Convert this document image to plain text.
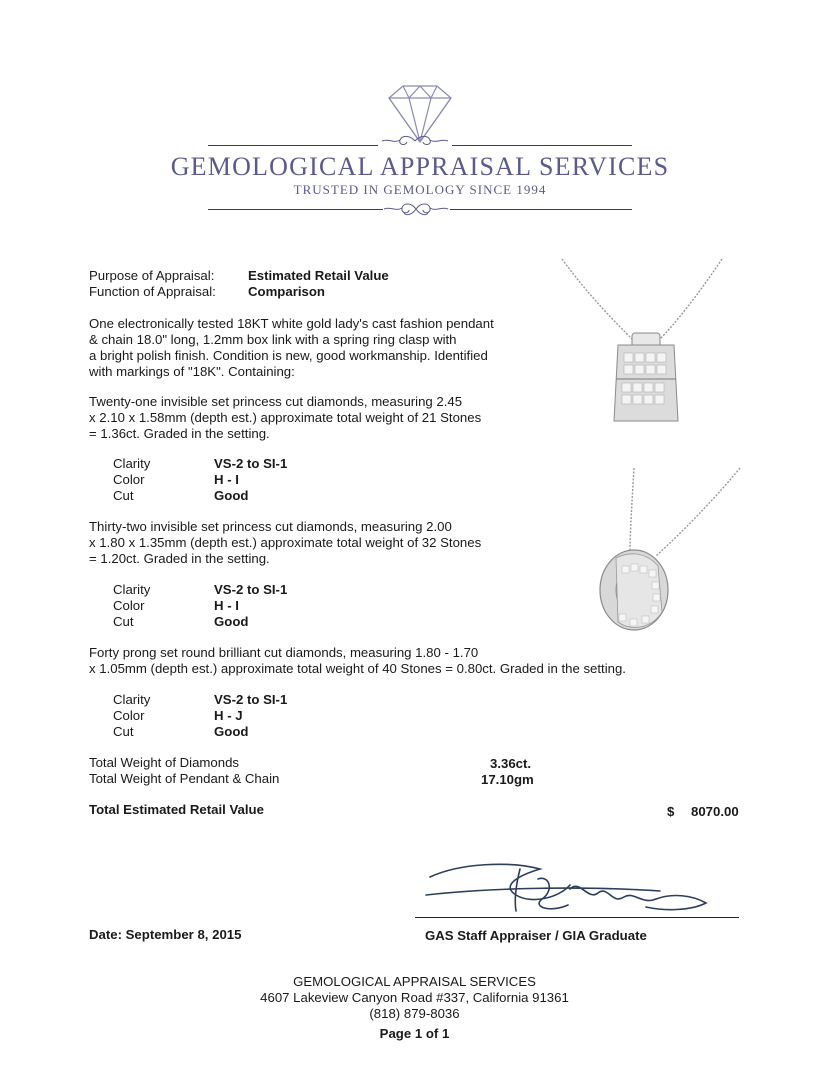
GEMOLOGICAL APPRAISAL SERVICES
TRUSTED IN GEMOLOGY SINCE 1994
Purpose of Appraisal:	Estimated Retail Value
Function of Appraisal: Comparison
One electronically tested 18KT white gold lady's cast fashion pendant
& chain 18.0" long, 1.2mm box link with a spring ring clasp with
a bright polish finish. Condition is new, good workmanship. Identified
with markings of "18K". Containing:
Twenty-one invisible set princess cut diamonds, measuring 2.45
x 2.10 x 1.58mm (depth est.) approximate total weight of 21 Stones
= 1.36ct. Graded in the setting.
Clarity	VS-2 to SI-1
Color	H - I
Cut	Good
Thirty-two invisible set princess cut diamonds, measuring 2.00
x 1.80 x 1.35mm (depth est.) approximate total weight of 32 Stones
= 1.20ct. Graded in the setting.
Clarity	VS-2 to SI-1
Color	H - I
Cut	Good
Forty prong set round brilliant cut diamonds, measuring 1.80 - 1.70
x 1.05mm (depth est.) approximate total weight of 40 Stones = 0.80ct. Graded in the setting.
Clarity	VS-2 to SI-1
Color	H - J
Cut	Good
Total Weight of Diamonds	3.36ct.
Total Weight of Pendant & Chain	17.10gm
Total Estimated Retail Value	$ 8070.00
Date: September 8, 2015	GAS Staff Appraiser / GIA Graduate
GEMOLOGICAL APPRAISAL SERVICES
4607 Lakeview Canyon Road #337, California 91361
(818) 879-8036
Page 1 of 1
